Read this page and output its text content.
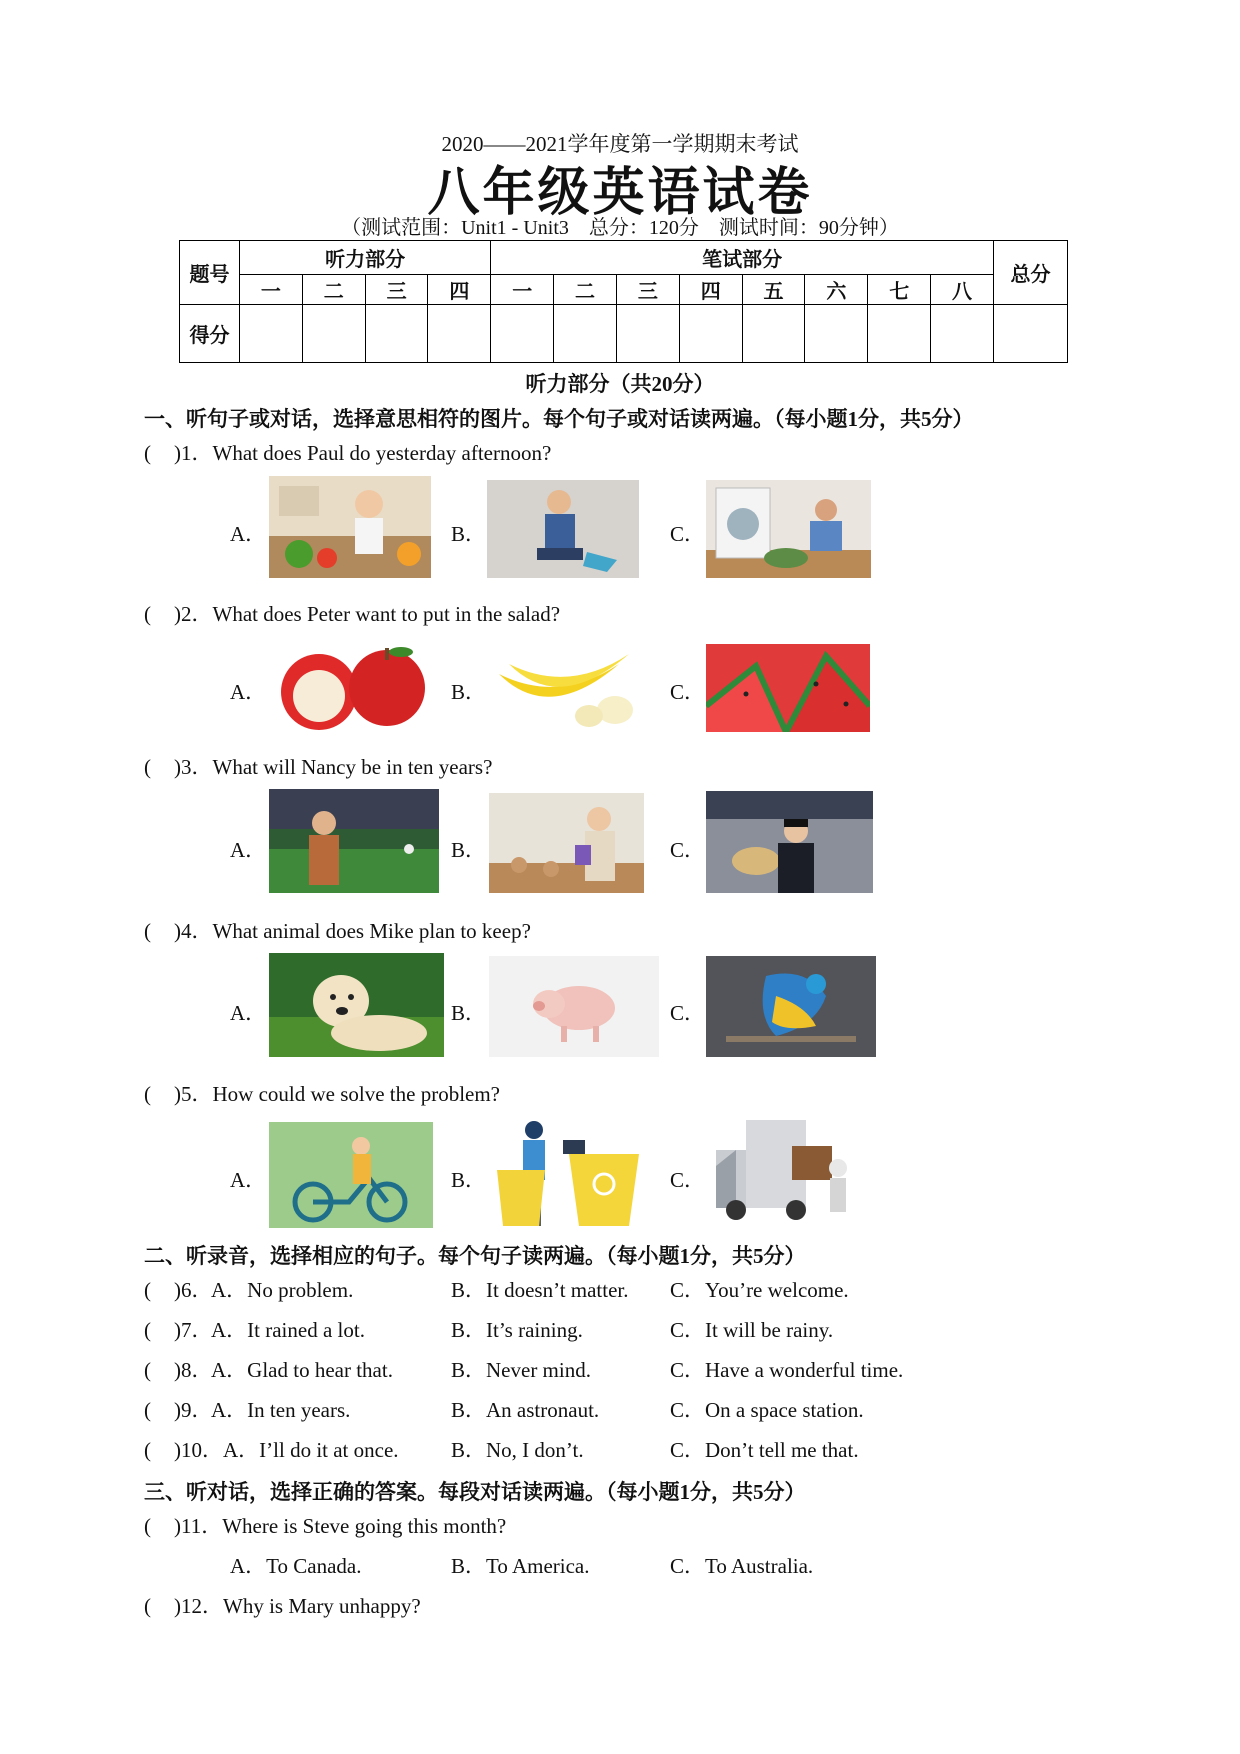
2020——2021学年度第一学期期末考试
八年级英语试卷
（测试范围：Unit1 - Unit3　总分：120分　测试时间：90分钟）
题号	听力部分				笔试部分								总分
	一	二	三	四	一	二	三	四	五	六	七	八	
得分													
听力部分（共20分）
一、听句子或对话，选择意思相符的图片。每个句子或对话读两遍。（每小题1分，共5分）
( )1．What does Paul do yesterday afternoon?
A．	B．	C．
( )2．What does Peter want to put in the salad?
A．	B．	C．
( )3．What will Nancy be in ten years?
A．	B．	C．
( )4．What animal does Mike plan to keep?
A．	B．	C．
( )5．How could we solve the problem?
A．	B．	C．
二、听录音，选择相应的句子。每个句子读两遍。（每小题1分，共5分）
( )6．
A．No problem.	B．It doesn’t matter. C．You’re welcome.
( )7．
A．It rained a lot.	B．It’s raining.	C．It will be rainy.
( )8．
A．Glad to hear that.	B．Never mind.	C．Have a wonderful time.
( )9．
A．In ten years.	B．An astronaut.	C．On a space station.
( )10． A．I’ll do it at once. B．No, I don’t.	C．Don’t tell me that.
三、听对话，选择正确的答案。每段对话读两遍。（每小题1分，共5分）
( )11．Where is Steve going this month?
A．To Canada.	B．To America.	C．To Australia.
( )12．Why is Mary unhappy?
